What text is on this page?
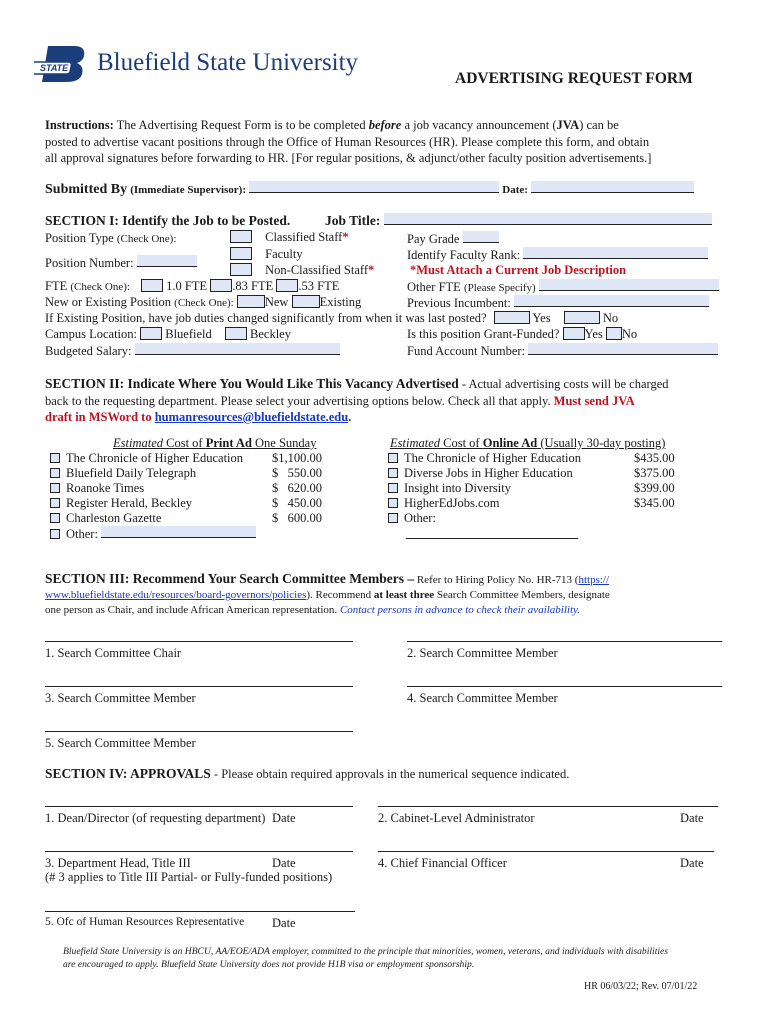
STATE Bluefield State University
ADVERTISING REQUEST FORM
Instructions: The Advertising Request Form is to be completed before a job vacancy announcement (JVA) can be
posted to advertise vacant positions through the Office of Human Resources (HR). Please complete this form, and obtain
all approval signatures before forwarding to HR. [For regular positions, & adjunct/other faculty position advertisements.]
Submitted By (Immediate Supervisor):	Date:
SECTION I: Identify the Job to be Posted.	Job Title:
Position Type (Check One):	Classified Staff*
Faculty
Non-Classified Staff*
Position Number:
Pay Grade
Identify Faculty Rank:
*Must Attach a Current Job Description
FTE (Check One):	1.0 FTE .83 FTE .53 FTE	Other FTE (Please Specify)
New or Existing Position (Check One): New Existing	Previous Incumbent:
If Existing Position, have job duties changed significantly from when it was last posted?	Yes	No
Campus Location: Bluefield	Beckley	Is this position Grant-Funded? Yes No
Budgeted Salary:	Fund Account Number:
SECTION II: Indicate Where You Would Like This Vacancy Advertised - Actual advertising costs will be charged
back to the requesting department. Please select your advertising options below. Check all that apply. Must send JVA
draft in MSWord to humanresources@bluefieldstate.edu.
Estimated Cost of Print Ad One Sunday	Estimated Cost of Online Ad (Usually 30-day posting)
The Chronicle of Higher Education $1,100.00
Bluefield Daily Telegraph	$   550.00
Roanoke Times	$   620.00
Register Herald, Beckley	$   450.00
Charleston Gazette	$   600.00
Other:
The Chronicle of Higher Education	$435.00
Diverse Jobs in Higher Education	$375.00
Insight into Diversity	$399.00
HigherEdJobs.com	$345.00
Other:
SECTION III: Recommend Your Search Committee Members – Refer to Hiring Policy No. HR-713 (https://
www.bluefieldstate.edu/resources/board-governors/policies). Recommend at least three Search Committee Members, designate
one person as Chair, and include African American representation. Contact persons in advance to check their availability.
1. Search Committee Chair	2. Search Committee Member
3. Search Committee Member	4. Search Committee Member
5. Search Committee Member
SECTION IV: APPROVALS - Please obtain required approvals in the numerical sequence indicated.
1. Dean/Director (of requesting department) Date	2. Cabinet-Level Administrator	Date
3. Department Head, Title III	Date
(# 3 applies to Title III Partial- or Fully-funded positions)
4. Chief Financial Officer	Date
5. Ofc of Human Resources Representative Date
Bluefield State University is an HBCU, AA/EOE/ADA employer, committed to the principle that minorities, women, veterans, and individuals with disabilities
are encouraged to apply. Bluefield State University does not provide H1B visa or employment sponsorship.
HR 06/03/22; Rev. 07/01/22
